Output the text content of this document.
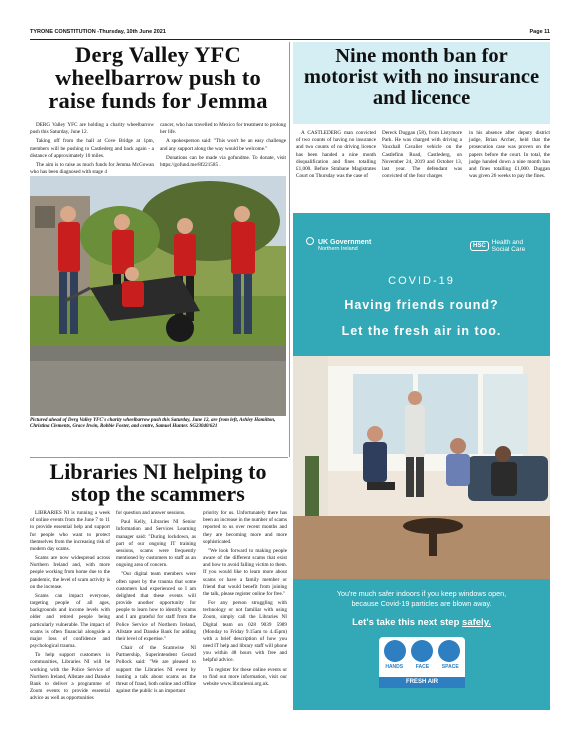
TYRONE CONSTITUTION -Thursday, 10th June 2021	Page 11
Derg Valley YFC wheelbarrow push to raise funds for Jemma

DERG Valley YFC are holding a charity wheelbarrow push this Saturday, June 12.

Taking off from the hall at Cove Bridge at 1pm, members will be pushing to Castlederg and back again - a distance of approximately 10 miles.

The aim is to raise as much funds for Jemma McGowan who has been diagnosed with stage 4

cancer, who has travelled to Mexico for treatment to prolong her life.

A spokesperson said: "This won't be an easy challenge and any support along the way would be welcome."

Donations can be made via gofundme. To donate, visit https://gofund.me/8f221585 .

Pictured ahead of Derg Valley YFC's charity wheelbarrow push this Saturday, June 12, are from left, Ashley Hamilton, Christina Clements, Grace Irwin, Robbie Foster, and centre, Samuel Hunter. SG23040/621
Libraries NI helping to stop the scammers

LIBRARIES NI is running a week of online events from the June 7 to 11 to provide essential help and support for people who want to protect themselves from the increasing risk of modern day scams.

Scams are now widespread across Northern Ireland and, with more people working from home due to the pandemic, the level of scam activity is on the increase.

Scams can impact everyone, targeting people of all ages, backgrounds and income levels with older and retired people being particularly vulnerable. The impact of scams is often financial alongside a major loss of confidence and psychological trauma.

To help support customers in communities, Libraries NI will be working with the Police Service of Northern Ireland, Allstate and Danske Bank to deliver a programme of Zoom events to provide essential advice as well as opportunities

for question and answer sessions.

Paul Kelly, Libraries NI Senior Information and Services Learning manager said: "During lockdown, as part of our ongoing IT training sessions, scams were frequently mentioned by customers to staff as an ongoing area of concern.

"Our digital team members were often upset by the trauma that some customers had experienced so I am delighted that these events will provide another opportunity for people to learn how to identify scams and I am grateful for staff from the Police Service of Northern Ireland, Allstate and Danske Bank for adding their level of expertise."

Chair of the Scamwise NI Partnership, Superintendent Gerard Pollock said: "We are pleased to support the Libraries NI event by hosting a talk about scams as the threat of fraud, both online and offline against the public is an important

priority for us. Unfortunately there has been an increase in the number of scams reported to us over recent months and they are becoming more and more sophisticated.

"We look forward to making people aware of the different scams that exist and how to avoid falling victim to them. If you would like to learn more about scams or have a family member or friend that would benefit from joining the talk, please register online for free."

For any person struggling with technology or not familiar with using Zoom, simply call the Libraries NI Digital team on 028 9039 5989 (Monday to Friday 9.15am to 4.45pm) with a brief description of how you need IT help and library staff will phone you within 48 hours with free and helpful advice.

To register for these online events or to find out more information, visit our website www.librariesni.org.uk.

Nine month ban for motorist with no insurance and licence
A CASTLEDERG man convicted of two counts of having no insurance and two counts of no driving licence has been handed a nine month disqualification and fines totalling £1,000. Before Strabane Magistrates Court on Thursday was the case of
Dereck Duggan (58), from Listymore Park. He was charged with driving a Vauxhall Cavalier vehicle on the Castlefinn Road, Castlederg, on November 24, 2019 and October 13, last year. The defendant was convicted of the four charges
in his absence after deputy district judge, Brian Archer, held that the prosecution case was proven on the papers before the court. In total, the judge handed down a nine month ban and fines totalling £1,000. Duggan was given 26 weeks to pay the fines.
UK Government
Northern Ireland	HSC
Health and
Social Care
COVID-19
Having friends round?
Let the fresh air in too.
You're much safer indoors if you keep windows open,
because Covid-19 particles are blown away.
Let's take this next step safely.
HANDS	FACE	SPACE
FRESH AIR
